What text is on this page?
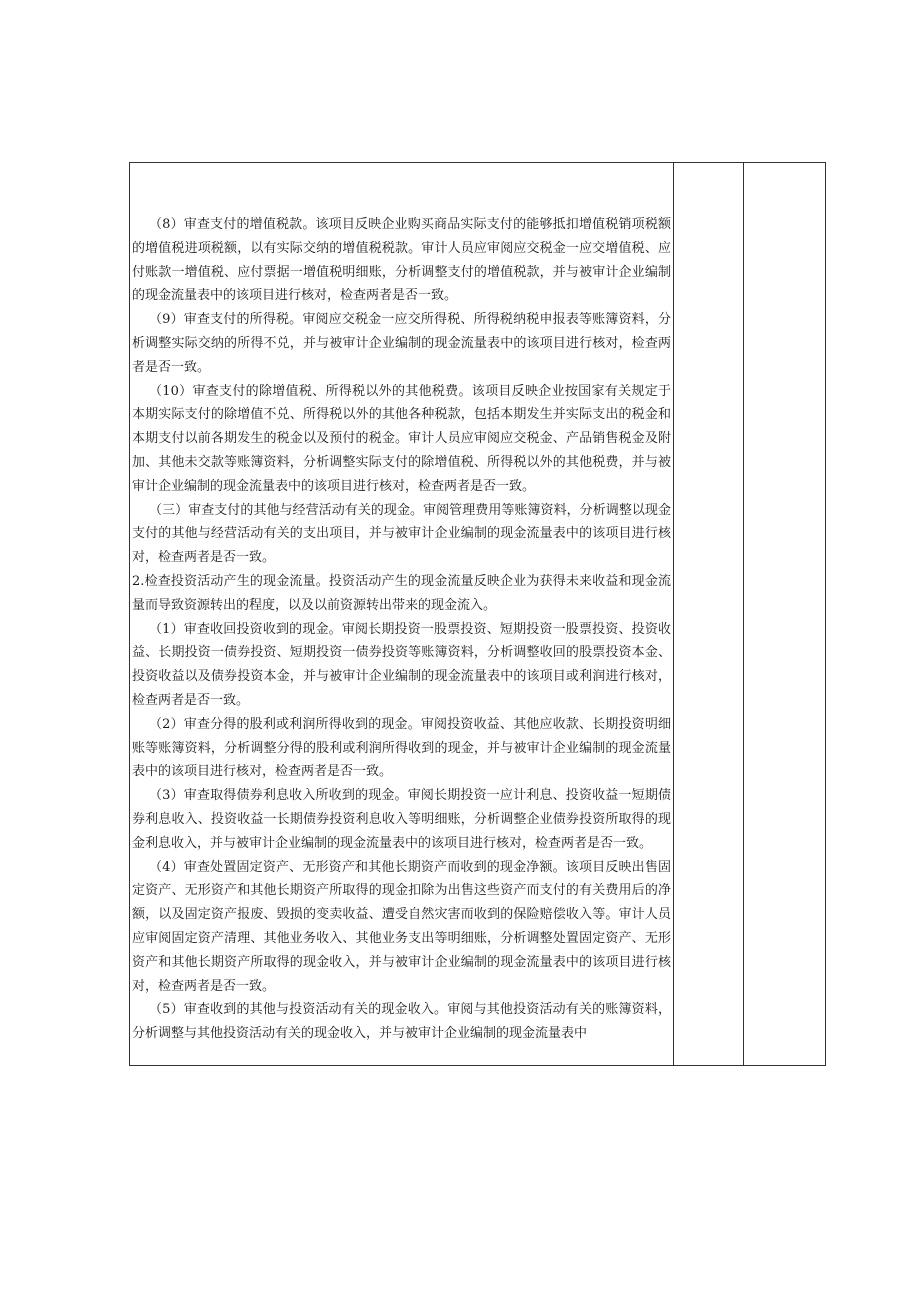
（8）审查支付的增值税款。该项目反映企业购买商品实际支付的能够抵扣增值税销项税额的增值税进项税额，以有实际交纳的增值税税款。审计人员应审阅应交税金一应交增值税、应付账款一增值税、应付票据一增值税明细账，分析调整支付的增值税款，并与被审计企业编制的现金流量表中的该项目进行核对，检查两者是否一致。

（9）审查支付的所得税。审阅应交税金一应交所得税、所得税纳税申报表等账簿资料，分析调整实际交纳的所得不兑，并与被审计企业编制的现金流量表中的该项目进行核对，检查两者是否一致。

（10）审查支付的除增值税、所得税以外的其他税费。该项目反映企业按国家有关规定于本期实际支付的除增值不兑、所得税以外的其他各种税款，包括本期发生并实际支出的税金和本期支付以前各期发生的税金以及预付的税金。审计人员应审阅应交税金、产品销售税金及附加、其他未交款等账簿资料，分析调整实际支付的除增值税、所得税以外的其他税费，并与被审计企业编制的现金流量表中的该项目进行核对，检查两者是否一致。

（三）审查支付的其他与经营活动有关的现金。审阅管理费用等账簿资料，分析调整以现金支付的其他与经营活动有关的支出项目，并与被审计企业编制的现金流量表中的该项目进行核对，检查两者是否一致。

2.检查投资活动产生的现金流量。投资活动产生的现金流量反映企业为获得未来收益和现金流量而导致资源转出的程度，以及以前资源转出带来的现金流入。

（1）审查收回投资收到的现金。审阅长期投资一股票投资、短期投资一股票投资、投资收益、长期投资一债券投资、短期投资一债券投资等账簿资料，分析调整收回的股票投资本金、投资收益以及债券投资本金，并与被审计企业编制的现金流量表中的该项目或利润进行核对，检查两者是否一致。

（2）审查分得的股利或利润所得收到的现金。审阅投资收益、其他应收款、长期投资明细账等账簿资料，分析调整分得的股利或利润所得收到的现金，并与被审计企业编制的现金流量表中的该项目进行核对，检查两者是否一致。

（3）审查取得债券利息收入所收到的现金。审阅长期投资一应计利息、投资收益一短期债券利息收入、投资收益一长期债券投资利息收入等明细账，分析调整企业债券投资所取得的现金利息收入，并与被审计企业编制的现金流量表中的该项目进行核对，检查两者是否一致。

（4）审查处置固定资产、无形资产和其他长期资产而收到的现金净额。该项目反映出售固定资产、无形资产和其他长期资产所取得的现金扣除为出售这些资产而支付的有关费用后的净额，以及固定资产报废、毁损的变卖收益、遭受自然灾害而收到的保险赔偿收入等。审计人员应审阅固定资产清理、其他业务收入、其他业务支出等明细账，分析调整处置固定资产、无形资产和其他长期资产所取得的现金收入，并与被审计企业编制的现金流量表中的该项目进行核对，检查两者是否一致。

（5）审查收到的其他与投资活动有关的现金收入。审阅与其他投资活动有关的账簿资料，分析调整与其他投资活动有关的现金收入，并与被审计企业编制的现金流量表中
